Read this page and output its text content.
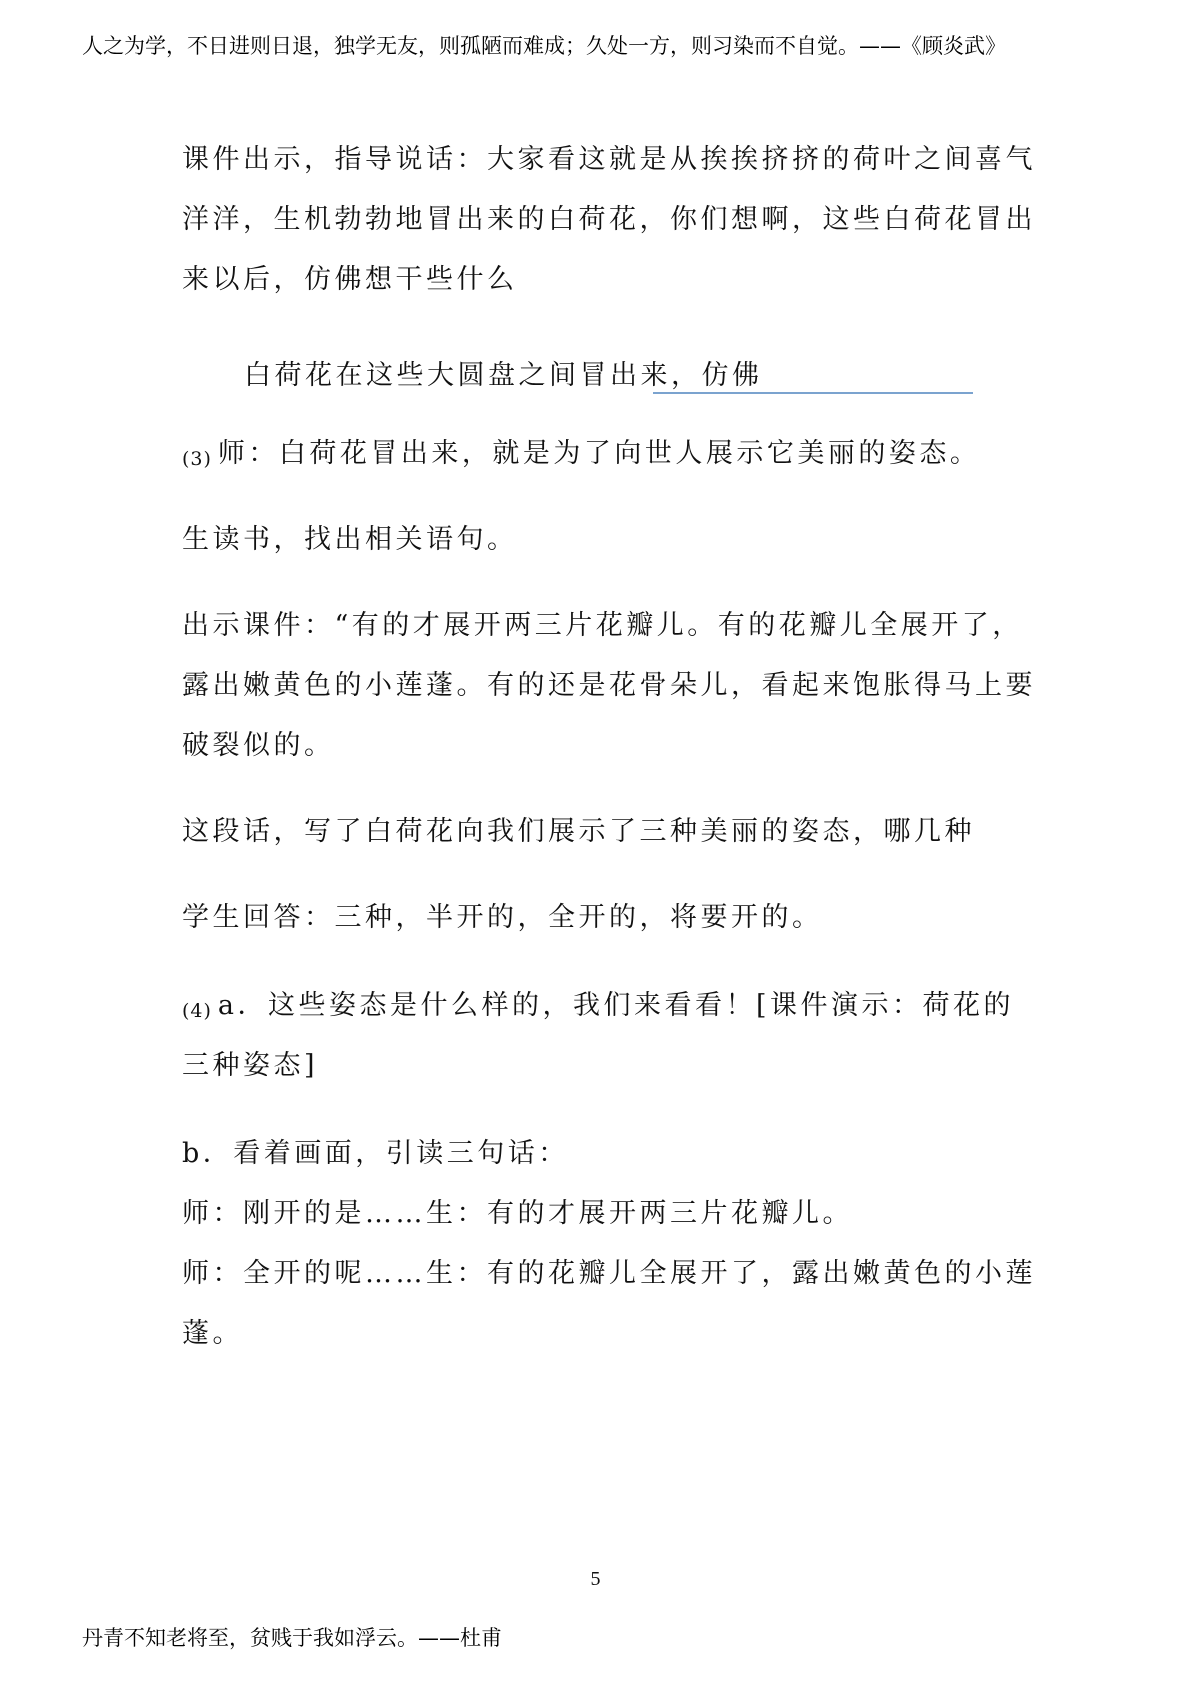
人之为学，不日进则日退，独学无友，则孤陋而难成；久处一方，则习染而不自觉。——《顾炎武》
课件出示，指导说话：大家看这就是从挨挨挤挤的荷叶之间喜气
洋洋，生机勃勃地冒出来的白荷花，你们想啊，这些白荷花冒出
来以后，仿佛想干些什么
白荷花在这些大圆盘之间冒出来，仿佛
(3) 师：白荷花冒出来，就是为了向世人展示它美丽的姿态。
生读书，找出相关语句。
出示课件：“有的才展开两三片花瓣儿。有的花瓣儿全展开了，
露出嫩黄色的小莲蓬。有的还是花骨朵儿，看起来饱胀得马上要
破裂似的。
这段话，写了白荷花向我们展示了三种美丽的姿态，哪几种
学生回答：三种，半开的，全开的，将要开的。
(4) a．这些姿态是什么样的，我们来看看！[课件演示：荷花的
三种姿态]
b．看着画面，引读三句话：
师：刚开的是……生：有的才展开两三片花瓣儿。
师：全开的呢……生：有的花瓣儿全展开了，露出嫩黄色的小莲
蓬。
5
丹青不知老将至，贫贱于我如浮云。——杜甫
